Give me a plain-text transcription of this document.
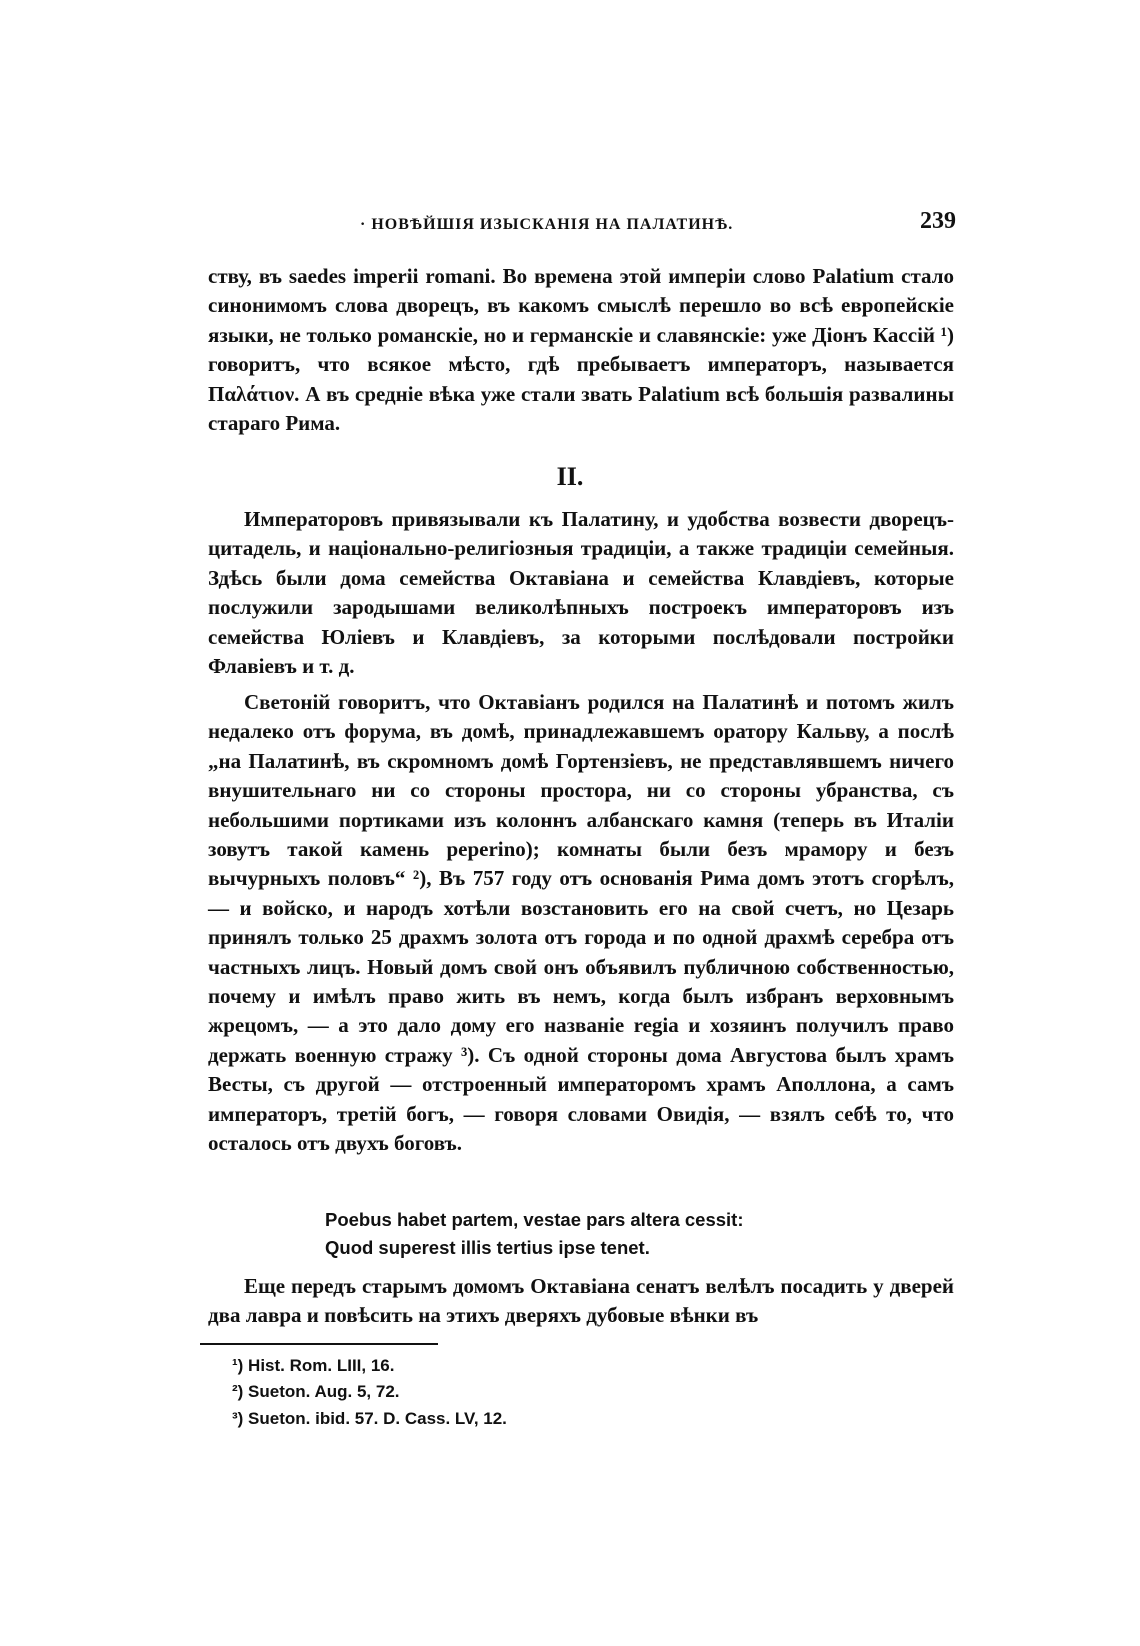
· НОВѢЙШІЯ ИЗЫСКАНІЯ НА ПАЛАТИНѢ.	239
ству, въ saedes imperii romani. Во времена этой имперіи слово Palatium стало синонимомъ слова дворецъ, въ какомъ смыслѣ перешло во всѣ европейскіе языки, не только романскіе, но и германскіе и славянскіе: уже Діонъ Кассій ¹) говоритъ, что всякое мѣсто, гдѣ пребываетъ императоръ, называется Παλάτιον. А въ средніе вѣка уже стали звать Palatium всѣ большія развалины стараго Рима.
II.
Императоровъ привязывали къ Палатину, и удобства возвести дворецъ-цитадель, и національно-религіозныя традиціи, а также традиціи семейныя. Здѣсь были дома семейства Октавіана и семейства Клавдіевъ, которые послужили зародышами великолѣпныхъ построекъ императоровъ изъ семейства Юліевъ и Клавдіевъ, за которыми послѣдовали постройки Флавіевъ и т. д.
Светоній говоритъ, что Октавіанъ родился на Палатинѣ и потомъ жилъ недалеко отъ форума, въ домѣ, принадлежавшемъ оратору Кальву, а послѣ „на Палатинѣ, въ скромномъ домѣ Гортензіевъ, не представлявшемъ ничего внушительнаго ни со стороны простора, ни со стороны убранства, съ небольшими портиками изъ колоннъ албанскаго камня (теперь въ Италіи зовутъ такой камень peperino); комнаты были безъ мрамору и безъ вычурныхъ половъ“ ²), Въ 757 году отъ основанія Рима домъ этотъ сгорѣлъ, — и войско, и народъ хотѣли возстановить его на свой счетъ, но Цезарь принялъ только 25 драхмъ золота отъ города и по одной драхмѣ серебра отъ частныхъ лицъ. Новый домъ свой онъ объявилъ публичною собственностью, почему и имѣлъ право жить въ немъ, когда былъ избранъ верховнымъ жрецомъ, — а это дало дому его названіе regia и хозяинъ получилъ право держать военную стражу ³). Съ одной стороны дома Августова былъ храмъ Весты, съ другой — отстроенный императоромъ храмъ Аполлона, а самъ императоръ, третій богъ, — говоря словами Овидія, — взялъ себѣ то, что осталось отъ двухъ боговъ.
Poebus habet partem, vestae pars altera cessit:
Quod superest illis tertius ipse tenet.
Еще передъ старымъ домомъ Октавіана сенатъ велѣлъ посадить у дверей два лавра и повѣсить на этихъ дверяхъ дубовые вѣнки въ
¹) Hist. Rom. LIII, 16.
²) Sueton. Aug. 5, 72.
³) Sueton. ibid. 57. D. Cass. LV, 12.
